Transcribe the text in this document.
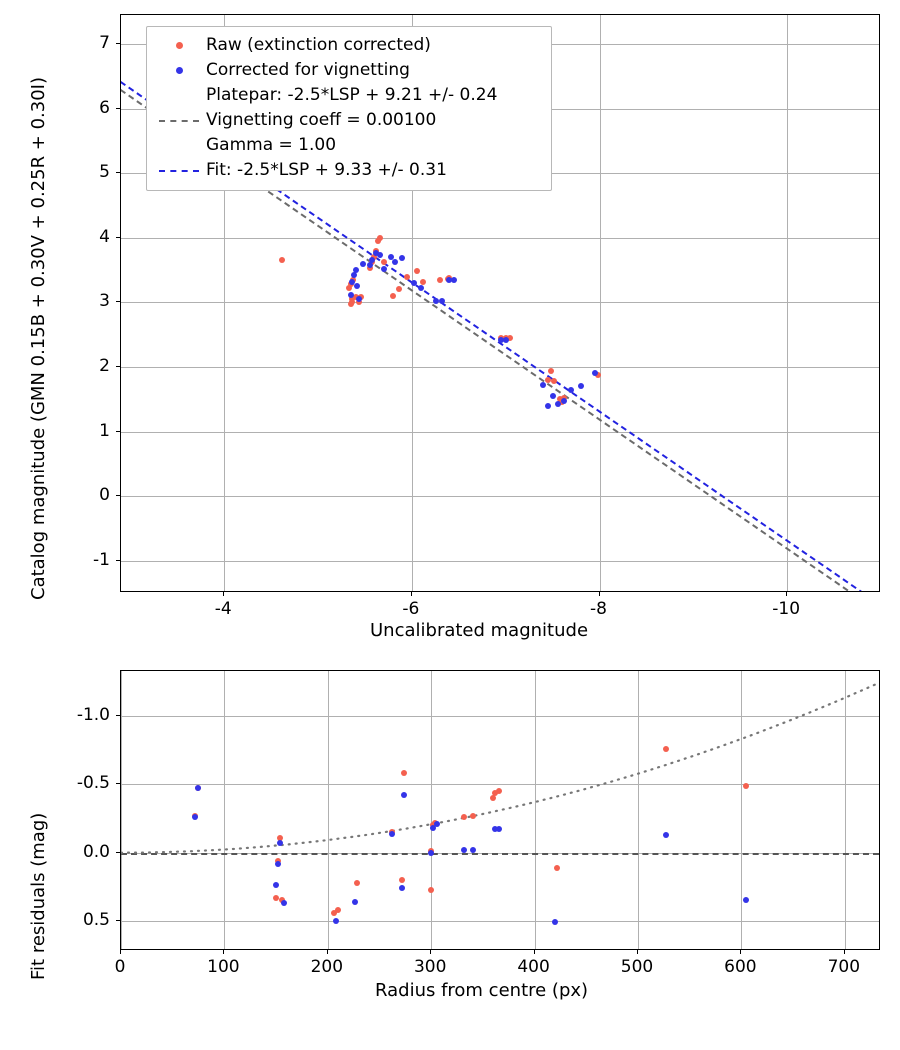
Catalog magnitude (GMN 0.15B + 0.30V + 0.25R + 0.30I)
Uncalibrated magnitude
-4	-6	-8	-10
-1
0
1
2
3
4
5
6
7
Fit residuals (mag)
Radius from centre (px)
0	100	200	300	400	500	600	700
-1.0
-0.5
0.0
0.5
Raw (extinction corrected)
Corrected for vignetting
Platepar: -2.5*LSP + 9.21 +/- 0.24
Vignetting coeff = 0.00100
Gamma = 1.00
Fit: -2.5*LSP + 9.33 +/- 0.31
